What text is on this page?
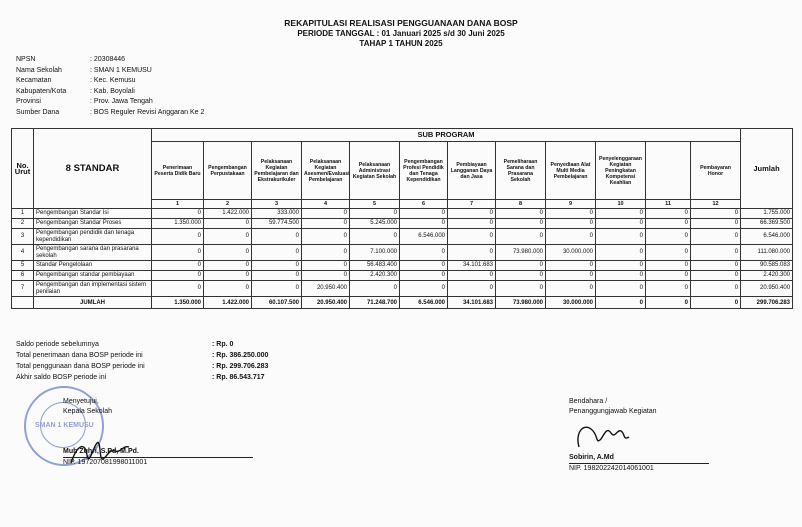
REKAPITULASI REALISASI PENGGUANAAN DANA BOSP
PERIODE TANGGAL : 01 Januari 2025 s/d 30 Juni 2025
TAHAP 1 TAHUN 2025
NPSN	: 20308446
Nama Sekolah	: SMAN 1 KEMUSU
Kecamatan	: Kec. Kemusu
Kabupaten/Kota	: Kab. Boyolali
Provinsi	: Prov. Jawa Tengah
Sumber Dana	: BOS Reguler Revisi Anggaran Ke 2
No. Urut	8 STANDAR	SUB PROGRAM												Jumlah
		Penerimaan Peserta Didik Baru	Pengembangan Perpustakaan	Pelaksanaan Kegiatan Pembelajaran dan Ekstrakurikuler	Pelaksanaan Kegiatan Asesmen/Evaluasi Pembelajaran	Pelaksanaan Administrasi Kegiatan Sekolah	Pengembangan Profesi Pendidik dan Tenaga Kependidikan	Pembiayaan Langganan Daya dan Jasa	Pemeliharaan Sarana dan Prasarana Sekolah	Penyediaan Alat Multi Media Pembelajaran	Penyelenggaraan Kegiatan Peningkatan Kompetensi Keahlian		Pembayaran Honor	
		1	2	3	4	5	6	7	8	9	10	11	12	
1	Pengembangan Standar Isi	0	1.422.000	333.000	0	0	0	0	0	0	0	0	0	1.755.000
2	Pengembangan Standar Proses	1.350.000	0	59.774.500	0	5.245.000	0	0	0	0	0	0	0	66.369.500
3	Pengembangan pendidik dan tenaga kependidikan	0	0	0	0	0	6.546.000	0	0	0	0	0	0	6.546.000
4	Pengembangan sarana dan prasarana sekolah	0	0	0	0	7.100.000	0	0	73.980.000	30.000.000	0	0	0	111.080.000
5	Standar Pengelolaan	0	0	0	0	56.483.400	0	34.101.683	0	0	0	0	0	90.585.083
6	Pengembangan standar pembiayaan	0	0	0	0	2.420.300	0	0	0	0	0	0	0	2.420.300
7	Pengembangan dan implementasi sistem penilaian	0	0	0	20.950.400	0	0	0	0	0	0	0	0	20.950.400
	JUMLAH	1.350.000	1.422.000	60.107.500	20.950.400	71.248.700	6.546.000	34.101.683	73.980.000	30.000.000	0	0	0	299.706.283
Saldo periode sebelumnya	: Rp. 0
Total penerimaan dana BOSP periode ini	: Rp. 386.250.000
Total penggunaan dana BOSP periode ini	: Rp. 299.706.283
Akhir saldo BOSP periode ini	: Rp. 86.543.717
SMAN 1 KEMUSU
Menyetujui,
Kepala Sekolah
Muh Zuhri, S.Pd, M.Pd.
NIP. 197207081998011001
Bendahara /
Penanggungjawab Kegiatan
Sobirin, A.Md
NIP. 198202242014061001
